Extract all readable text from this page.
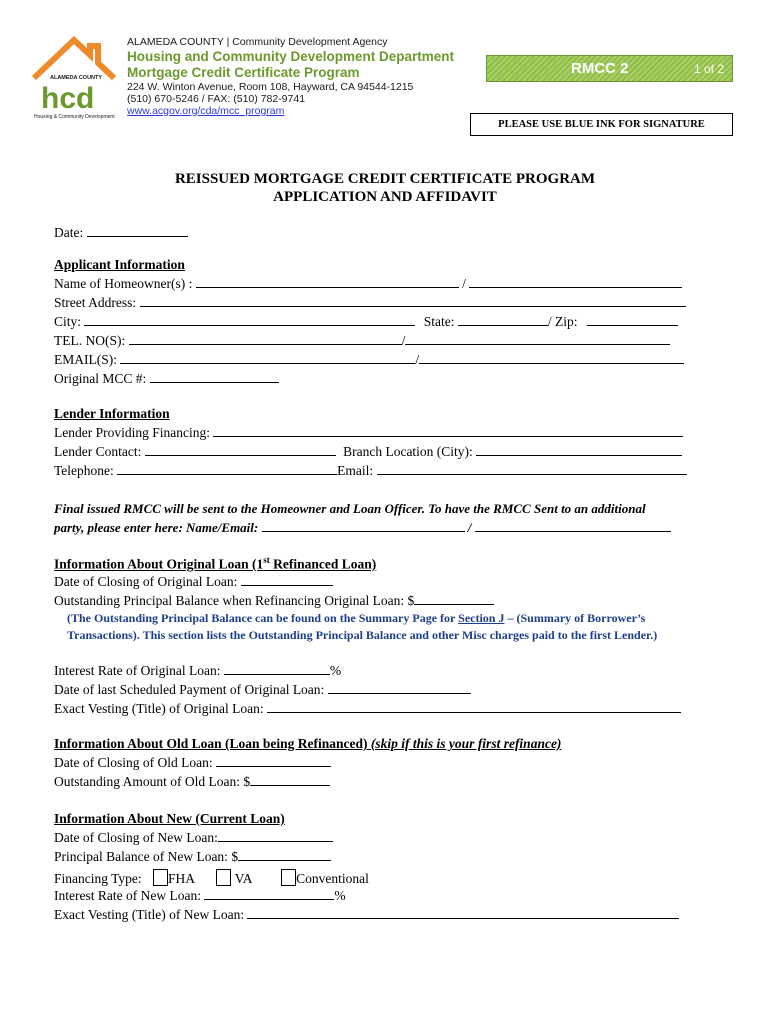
ALAMEDA COUNTY
hcd
Housing & Community Development
ALAMEDA COUNTY | Community Development Agency
Housing and Community Development Department
Mortgage Credit Certificate Program
224 W. Winton Avenue, Room 108, Hayward, CA 94544-1215
(510) 670-5246 / FAX: (510) 782-9741
www.acgov.org/cda/mcc_program
RMCC 2	1 of 2
PLEASE USE BLUE INK FOR SIGNATURE
REISSUED MORTGAGE CREDIT CERTIFICATE PROGRAM
APPLICATION AND AFFIDAVIT
Date:
Applicant Information
Name of Homeowner(s) :	/
Street Address:
City:	State:	/ Zip:
TEL. NO(S):	/
EMAIL(S):	/
Original MCC #:
Lender Information
Lender Providing Financing:
Lender Contact:	Branch Location (City):
Telephone:	Email:
Final issued RMCC will be sent to the Homeowner and Loan Officer. To have the RMCC Sent to an additional
party, please enter here: Name/Email:	/
Information About Original Loan (1st Refinanced Loan)
Date of Closing of Original Loan:
Outstanding Principal Balance when Refinancing Original Loan: $
(The Outstanding Principal Balance can be found on the Summary Page for Section J – (Summary of Borrower’s
Transactions). This section lists the Outstanding Principal Balance and other Misc charges paid to the first Lender.)
Interest Rate of Original Loan:	%
Date of last Scheduled Payment of Original Loan:
Exact Vesting (Title) of Original Loan:
Information About Old Loan (Loan being Refinanced) (skip if this is your first refinance)
Date of Closing of Old Loan:
Outstanding Amount of Old Loan: $
Information About New (Current Loan)
Date of Closing of New Loan:
Principal Balance of New Loan: $
Financing Type: FHA	VA	Conventional
Interest Rate of New Loan:	%
Exact Vesting (Title) of New Loan:
